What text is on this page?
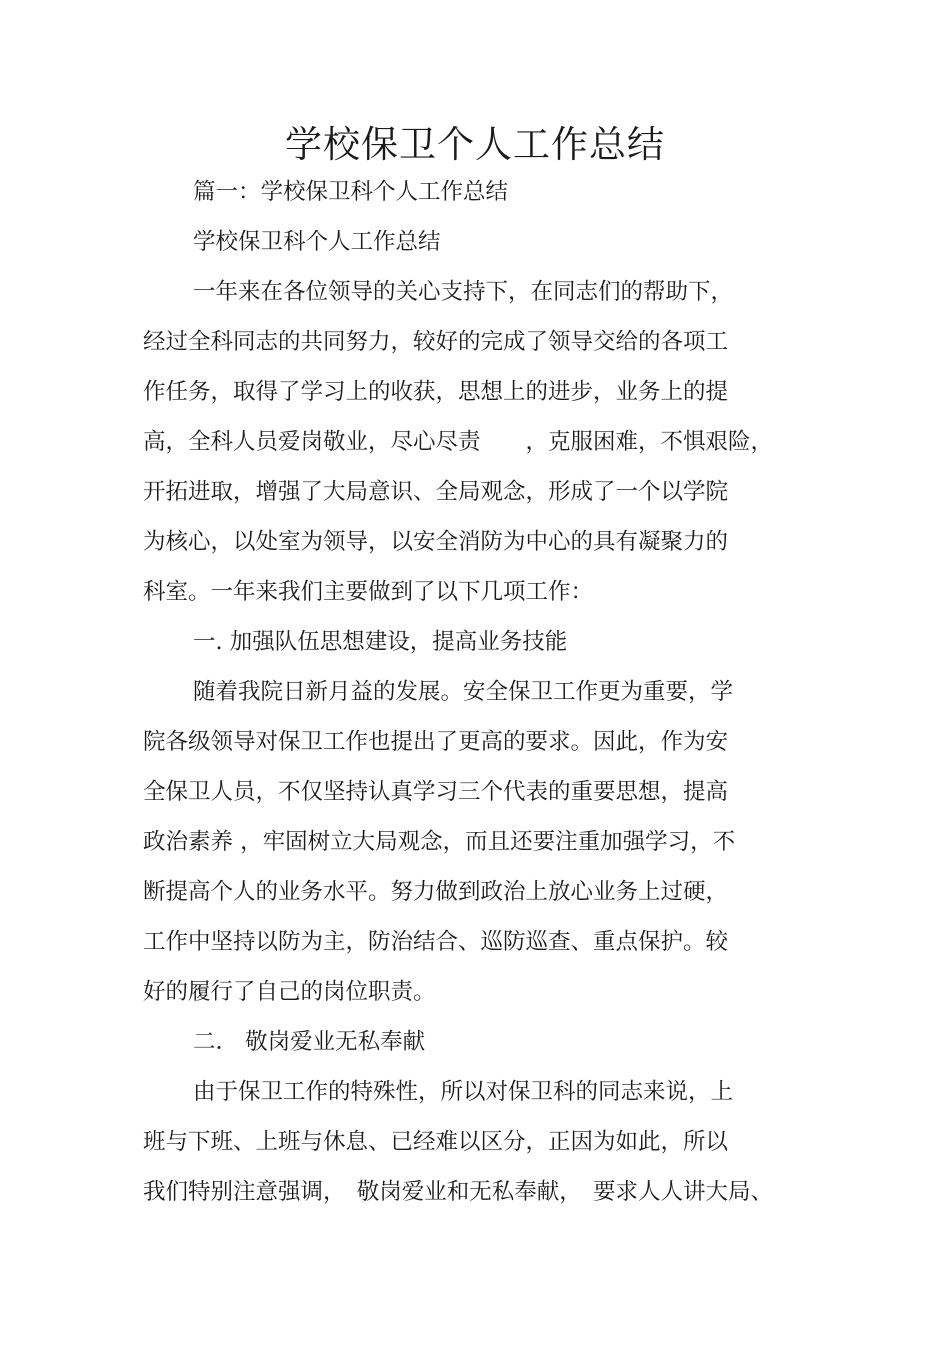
学校保卫个人工作总结
篇一：学校保卫科个人工作总结
学校保卫科个人工作总结
一年来在各位领导的关心支持下，在同志们的帮助下，
经过全科同志的共同努力，较好的完成了领导交给的各项工
作任务，取得了学习上的收获，思想上的进步，业务上的提
高，全科人员爱岗敬业，尽心尽责　　，克服困难，不惧艰险，
开拓进取，增强了大局意识、全局观念，形成了一个以学院
为核心，以处室为领导，以安全消防为中心的具有凝聚力的
科室。一年来我们主要做到了以下几项工作：
一. 加强队伍思想建设，提高业务技能
随着我院日新月益的发展。安全保卫工作更为重要，学
院各级领导对保卫工作也提出了更高的要求。因此，作为安
全保卫人员，不仅坚持认真学习三个代表的重要思想，提高
政治素养 ，牢固树立大局观念，而且还要注重加强学习，不
断提高个人的业务水平。努力做到政治上放心业务上过硬，
工作中坚持以防为主，防治结合、巡防巡查、重点保护。较
好的履行了自己的岗位职责。
二． 敬岗爱业无私奉献
由于保卫工作的特殊性，所以对保卫科的同志来说，上
班与下班、上班与休息、已经难以区分，正因为如此，所以
我们特别注意强调，　敬岗爱业和无私奉献，　要求人人讲大局、
